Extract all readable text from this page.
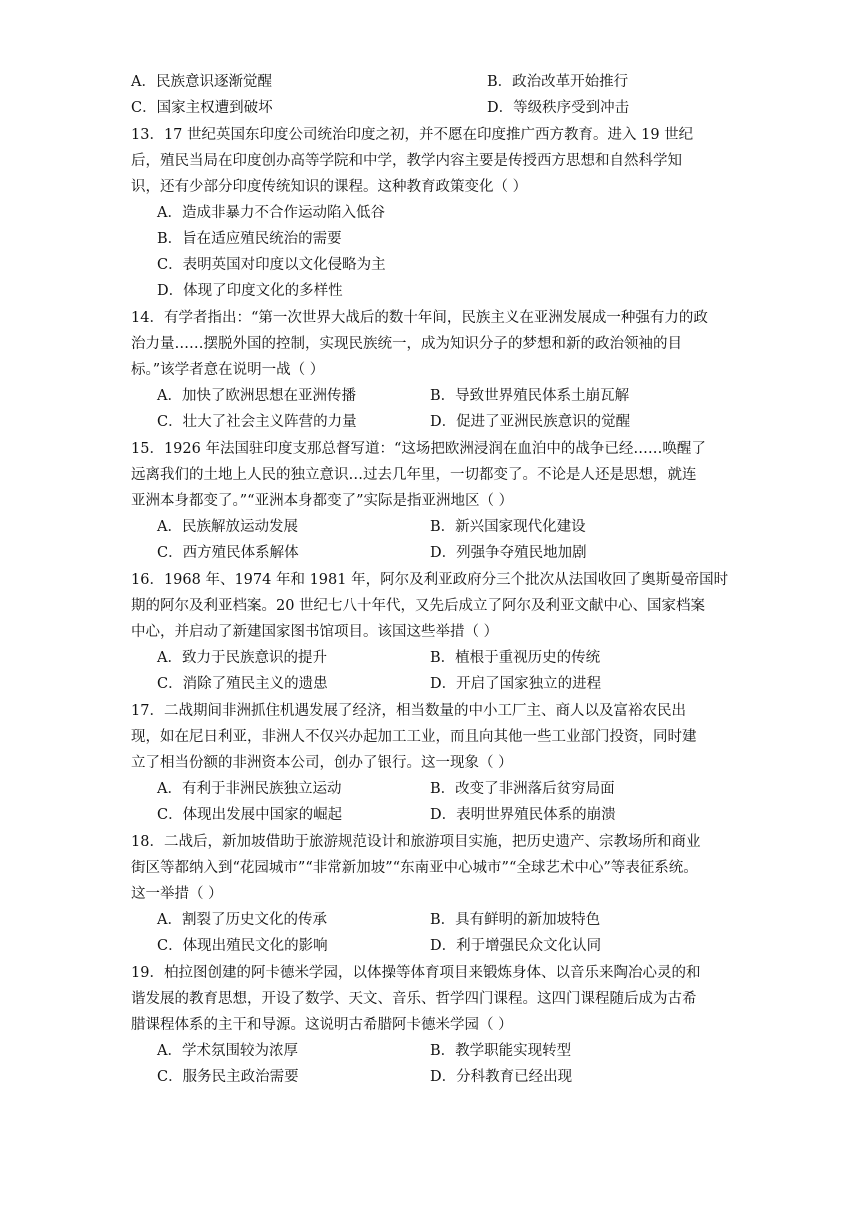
A．民族意识逐渐觉醒	B．政治改革开始推行
C．国家主权遭到破坏	D．等级秩序受到冲击
13．17 世纪英国东印度公司统治印度之初，并不愿在印度推广西方教育。进入 19 世纪
后，殖民当局在印度创办高等学院和中学，教学内容主要是传授西方思想和自然科学知
识，还有少部分印度传统知识的课程。这种教育政策变化（ ）
A．造成非暴力不合作运动陷入低谷
B．旨在适应殖民统治的需要
C．表明英国对印度以文化侵略为主
D．体现了印度文化的多样性
14．有学者指出：“第一次世界大战后的数十年间，民族主义在亚洲发展成一种强有力的政
治力量……摆脱外国的控制，实现民族统一，成为知识分子的梦想和新的政治领袖的目
标。”该学者意在说明一战（ ）
A．加快了欧洲思想在亚洲传播	B．导致世界殖民体系土崩瓦解
C．壮大了社会主义阵营的力量	D．促进了亚洲民族意识的觉醒
15．1926 年法国驻印度支那总督写道：“这场把欧洲浸润在血泊中的战争已经……唤醒了
远离我们的土地上人民的独立意识…过去几年里，一切都变了。不论是人还是思想，就连
亚洲本身都变了。”“亚洲本身都变了”实际是指亚洲地区（ ）
A．民族解放运动发展	B．新兴国家现代化建设
C．西方殖民体系解体	D．列强争夺殖民地加剧
16．1968 年、1974 年和 1981 年，阿尔及利亚政府分三个批次从法国收回了奥斯曼帝国时
期的阿尔及利亚档案。20 世纪七八十年代，又先后成立了阿尔及利亚文献中心、国家档案
中心，并启动了新建国家图书馆项目。该国这些举措（ ）
A．致力于民族意识的提升	B．植根于重视历史的传统
C．消除了殖民主义的遗患	D．开启了国家独立的进程
17．二战期间非洲抓住机遇发展了经济，相当数量的中小工厂主、商人以及富裕农民出
现，如在尼日利亚，非洲人不仅兴办起加工工业，而且向其他一些工业部门投资，同时建
立了相当份额的非洲资本公司，创办了银行。这一现象（ ）
A．有利于非洲民族独立运动	B．改变了非洲落后贫穷局面
C．体现出发展中国家的崛起	D．表明世界殖民体系的崩溃
18．二战后，新加坡借助于旅游规范设计和旅游项目实施，把历史遗产、宗教场所和商业
街区等都纳入到“花园城市”“非常新加坡”“东南亚中心城市”“全球艺术中心”等表征系统。
这一举措（ ）
A．割裂了历史文化的传承	B．具有鲜明的新加坡特色
C．体现出殖民文化的影响	D．利于增强民众文化认同
19．柏拉图创建的阿卡德米学园，以体操等体育项目来锻炼身体、以音乐来陶冶心灵的和
谐发展的教育思想，开设了数学、天文、音乐、哲学四门课程。这四门课程随后成为古希
腊课程体系的主干和导源。这说明古希腊阿卡德米学园（ ）
A．学术氛围较为浓厚	B．教学职能实现转型
C．服务民主政治需要	D．分科教育已经出现
